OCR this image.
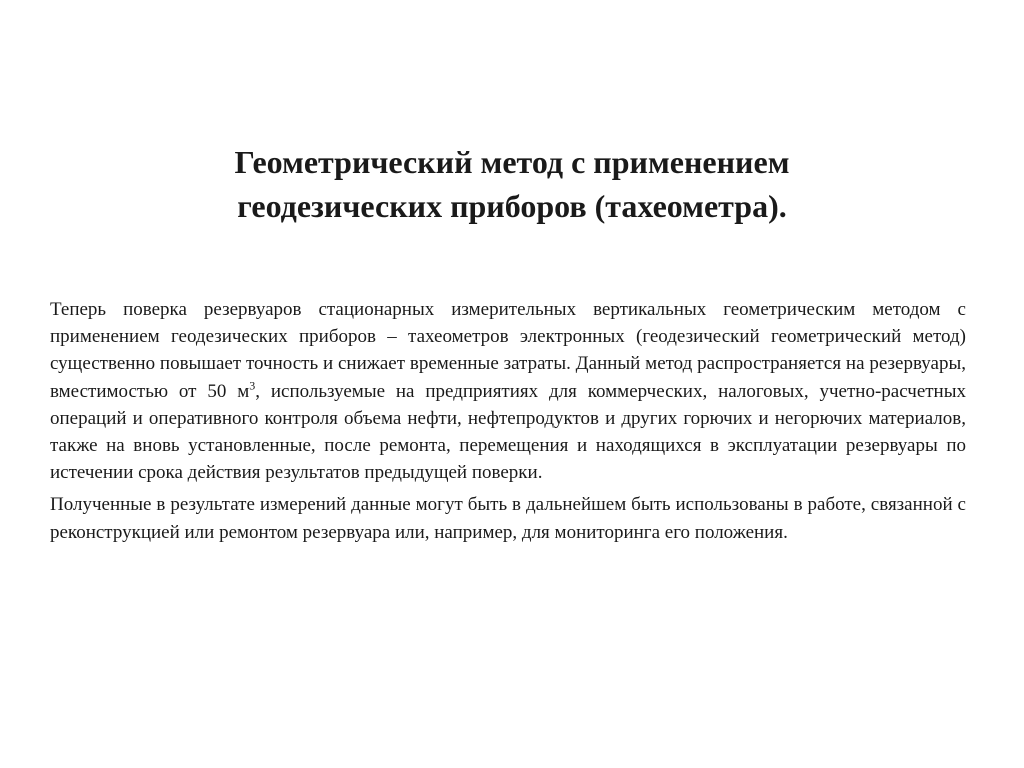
Геометрический метод с применением
геодезических приборов (тахеометра).

Теперь поверка резервуаров стационарных измерительных вертикальных геометрическим методом с применением геодезических приборов – тахеометров электронных (геодезический геометрический метод) существенно повышает точность и снижает временные затраты. Данный метод распространяется на резервуары, вместимостью от 50 $м^3$, используемые на предприятиях для коммерческих, налоговых, учетно-расчетных операций и оперативного контроля объема нефти, нефтепродуктов и других горючих и негорючих материалов, также на вновь установленные, после ремонта, перемещения и находящихся в эксплуатации резервуары по истечении срока действия результатов предыдущей поверки.

Полученные в результате измерений данные могут быть в дальнейшем быть использованы в работе, связанной с реконструкцией или ремонтом резервуара или, например, для мониторинга его положения.
